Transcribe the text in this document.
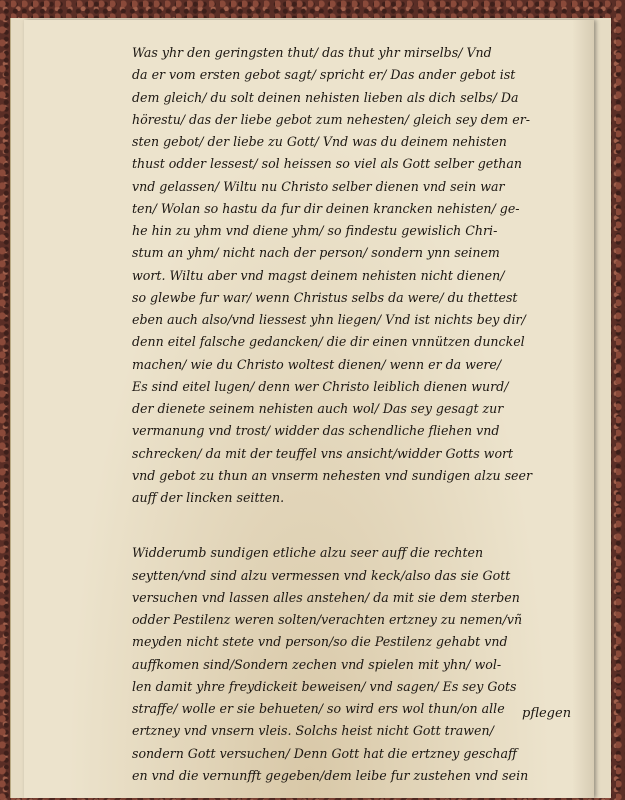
Was yhr den geringsten thut/ das thut yhr mirselbs/ Vnd
da er vom ersten gebot sagt/ spricht er/ Das ander gebot ist
dem gleich/ du solt deinen nehisten lieben als dich selbs/ Da
hörestu/ das der liebe gebot zum nehesten/ gleich sey dem er-
sten gebot/ der liebe zu Gott/ Vnd was du deinem nehisten
thust odder lessest/ sol heissen so viel als Gott selber gethan
vnd gelassen/ Wiltu nu Christo selber dienen vnd sein war
ten/ Wolan so hastu da fur dir deinen krancken nehisten/ ge-
he hin zu yhm vnd diene yhm/ so findestu gewislich Chri-
stum an yhm/ nicht nach der person/ sondern ynn seinem
wort. Wiltu aber vnd magst deinem nehisten nicht dienen/
so glewbe fur war/ wenn Christus selbs da were/ du thettest
eben auch also/vnd liessest yhn liegen/ Vnd ist nichts bey dir/
denn eitel falsche gedancken/ die dir einen vnnützen dunckel
machen/ wie du Christo woltest dienen/ wenn er da were/
Es sind eitel lugen/ denn wer Christo leiblich dienen wurd/
der dienete seinem nehisten auch wol/ Das sey gesagt zur
vermanung vnd trost/ widder das schendliche fliehen vnd
schrecken/ da mit der teuffel vns ansicht/widder Gotts wort
vnd gebot zu thun an vnserm nehesten vnd sundigen alzu seer
auff der lincken seitten.
Widderumb sundigen etliche alzu seer auff die rechten
seytten/vnd sind alzu vermessen vnd keck/also das sie Gott
versuchen vnd lassen alles anstehen/ da mit sie dem sterben
odder Pestilenz weren solten/verachten ertzney zu nemen/vñ
meyden nicht stete vnd person/so die Pestilenz gehabt vnd
auffkomen sind/Sondern zechen vnd spielen mit yhn/ wol-
len damit yhre freydickeit beweisen/ vnd sagen/ Es sey Gots
straffe/ wolle er sie behueten/ so wird ers wol thun/on alle
ertzney vnd vnsern vleis. Solchs heist nicht Gott trawen/
sondern Gott versuchen/ Denn Gott hat die ertzney geschaff
en vnd die vernunfft gegeben/dem leibe fur zustehen vnd sein
pflegen
